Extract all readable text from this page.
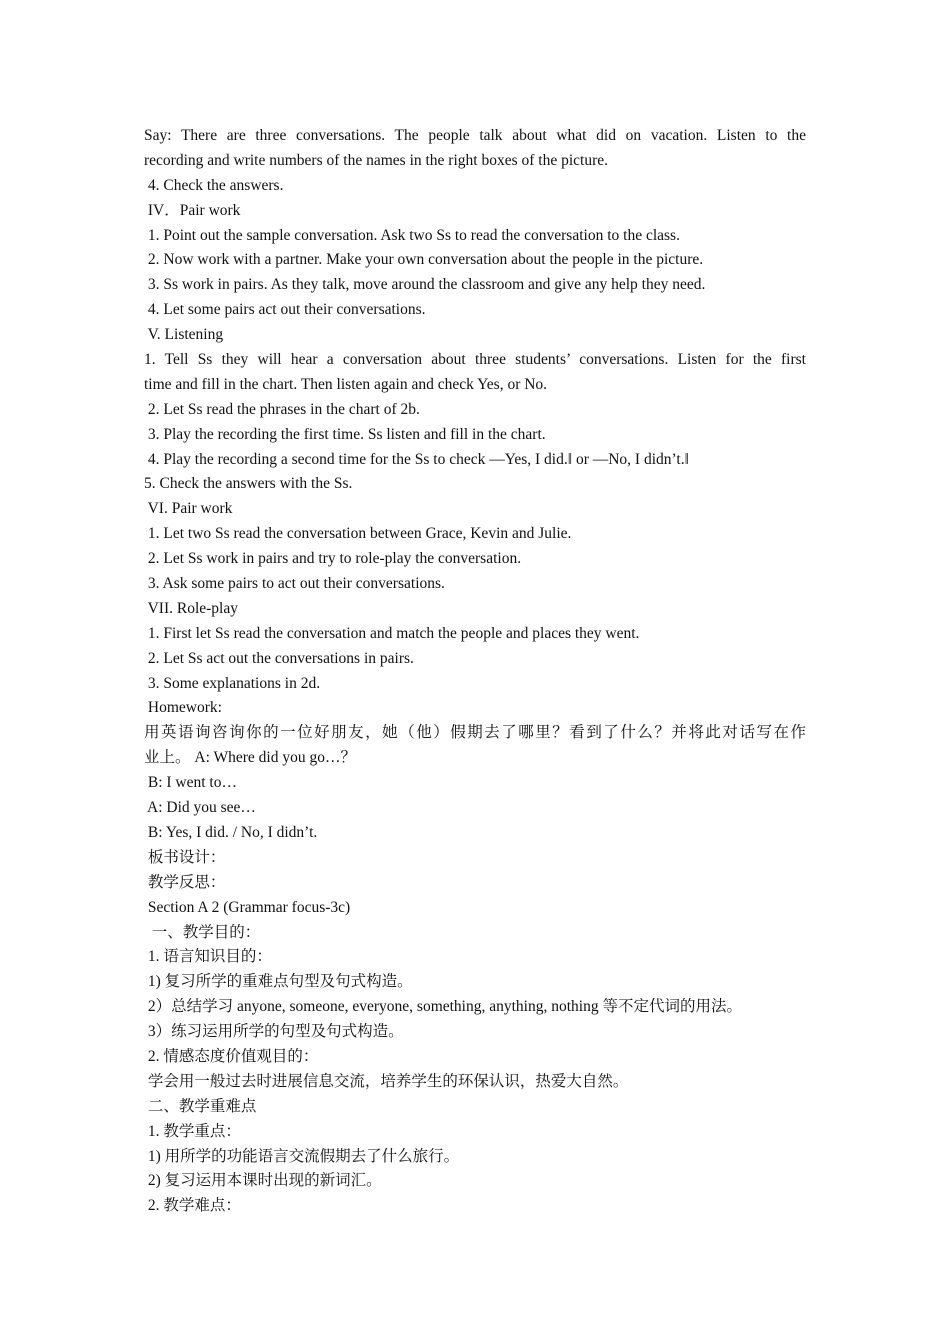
Say: There are three conversations. The people talk about what did on vacation. Listen to the
recording and write numbers of the names in the right boxes of the picture.
4. Check the answers.
IV．Pair work
1. Point out the sample conversation. Ask two Ss to read the conversation to the class.
2. Now work with a partner. Make your own conversation about the people in the picture.
3. Ss work in pairs. As they talk, move around the classroom and give any help they need.
4. Let some pairs act out their conversations.
V. Listening
1. Tell Ss they will hear a conversation about three students’ conversations. Listen for the first
time and fill in the chart. Then listen again and check Yes, or No.
2. Let Ss read the phrases in the chart of 2b.
3. Play the recording the first time. Ss listen and fill in the chart.
4. Play the recording a second time for the Ss to check ―Yes, I did.‖ or ―No, I didn’t.‖
5. Check the answers with the Ss.
VI. Pair work
1. Let two Ss read the conversation between Grace, Kevin and Julie.
2. Let Ss work in pairs and try to role-play the conversation.
3. Ask some pairs to act out their conversations.
VII. Role-play
1. First let Ss read the conversation and match the people and places they went.
2. Let Ss act out the conversations in pairs.
3. Some explanations in 2d.
Homework:
用英语询咨询你的一位好朋友，她（他）假期去了哪里？看到了什么？并将此对话写在作
业上。 A: Where did you go…？
B: I went to…
A: Did you see…
B: Yes, I did. / No, I didn’t.
板书设计：
教学反思：
Section A 2 (Grammar focus-3c)
一、教学目的：
1. 语言知识目的：
1) 复习所学的重难点句型及句式构造。
2）总结学习 anyone, someone, everyone, something, anything, nothing 等不定代词的用法。
3）练习运用所学的句型及句式构造。
2. 情感态度价值观目的：
学会用一般过去时进展信息交流，培养学生的环保认识，热爱大自然。
二、教学重难点
1. 教学重点：
1) 用所学的功能语言交流假期去了什么旅行。
2) 复习运用本课时出现的新词汇。
2. 教学难点：
